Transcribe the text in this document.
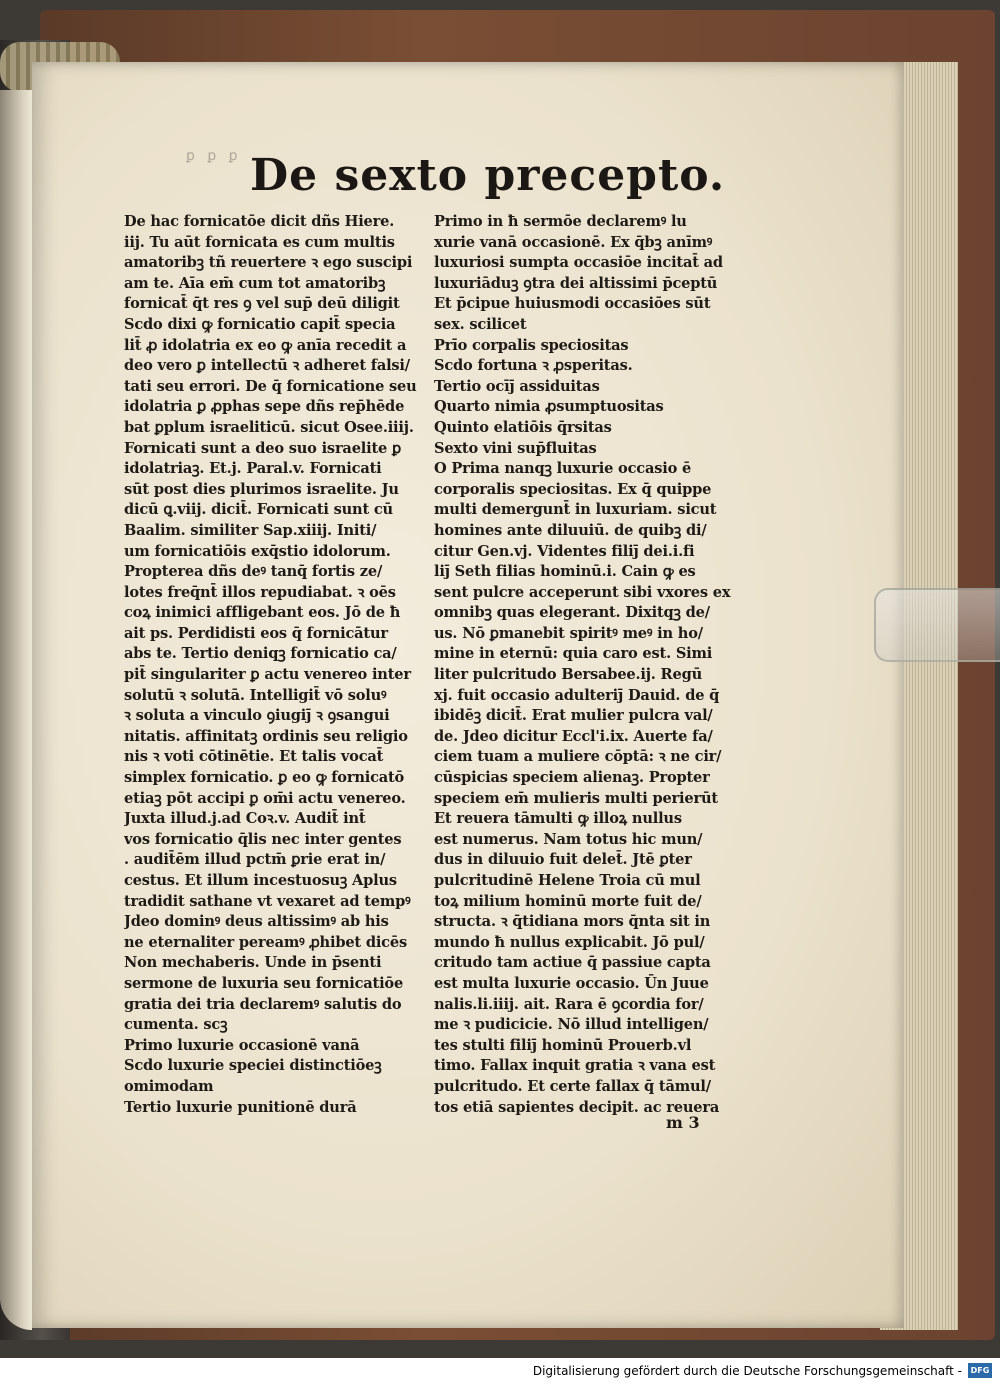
ꝑ ꝑ ꝑ De sexto precepto.
De hac fornicatōe dicit dñs Hiere.
iij. Tu aūt fornicata es cum multis
amatoribꝫ tñ reuertere ꝛ ego suscipi
am te. Aīa em̄ cum tot amatoribꝫ
fornicat̄ q̄t res ꝯ vel sup̄ deū diligit
Scdo dixi ꝙ fornicatio capit̄ specia
lit̄ ꝓ idolatria ex eo ꝙ anīa recedit a
deo vero ꝑ intellectū ꝛ adheret falsi/
tati seu errori. De q̄ fornicatione seu
idolatria ꝑ ꝓphas sepe dñs rep̄hēde
bat ꝑplum israeliticū. sicut Osee.iiij.
Fornicati sunt a deo suo israelite ꝑ
idolatriaꝫ. Et.j. Paral.v. Fornicati
sūt post dies plurimos israelite. Ju
dicū ꝗ.viij. dicit̄. Fornicati sunt cū
Baalim. similiter Sap.xiiij. Initi/
um fornicatiōis exq̄stio idolorum.
Propterea dñs deꝰ tanq̄ fortis ze/
lotes freq̄nt̄ illos repudiabat. ꝛ oēs
coꝝ inimici affligebant eos. Jō de ħ
ait ps. Perdidisti eos q̄ fornicātur
abs te. Tertio deniqꝫ fornicatio ca/
pit̄ singulariter ꝑ actu venereo inter
solutū ꝛ solutā. Intelligit̄ vō soluꝰ
ꝛ soluta a vinculo ꝯiugiȷ̄ ꝛ ꝯsangui
nitatis. affinitatꝫ ordinis seu religio
nis ꝛ voti cōtinētie. Et talis vocat̄
simplex fornicatio. ꝑ eo ꝙ fornicatō
etiaꝫ pōt accipi ꝑ om̄i actu venereo.
Juxta illud.j.ad Coꝛ.v. Audit̄ int̄
vos fornicatio q̄lis nec inter gentes
. audit̄ēm illud pctm̄ ꝑrie erat in/
cestus. Et illum incestuosuꝫ Aplus
tradidit sathane vt vexaret ad tempꝰ
Jdeo dominꝰ deus altissimꝰ ab his
ne eternaliter pereamꝰ ꝓhibet dicēs
Non mechaberis. Unde in p̄senti
sermone de luxuria seu fornicatiōe
gratia dei tria declaremꝰ salutis do
cumenta. scꝫ
Primo luxurie occasionē vanā
Scdo luxurie speciei distinctiōeꝫ
omimodam
Tertio luxurie punitionē durā
Primo in ħ sermōe declaremꝰ lu
xurie vanā occasionē. Ex q̄bꝫ anīmꝰ
luxuriosi sumpta occasiōe incitat̄ ad
luxuriāduꝫ ꝯtra dei altissimi p̄ceptū
Et p̄cipue huiusmodi occasiōes sūt
sex. scilicet
Prīo corpalis speciositas
Scdo fortuna ꝛ ꝓsperitas.
Tertio ocīȷ̄ assiduitas
Quarto nimia ꝓsumptuositas
Quinto elatiōis q̄rsitas
Sexto vini sup̄fluitas
O Prima nanqꝫ luxurie occasio ē
corporalis speciositas. Ex q̄ quippe
multi demergunt̄ in luxuriam. sicut
homines ante diluuiū. de quibꝫ di/
citur Gen.vj. Videntes filiȷ̄ dei.i.fi
liȷ̄ Seth filias hominū.i. Cain ꝙ es
sent pulcre acceperunt sibi vxores ex
omnibꝫ quas elegerant. Dixitqꝫ de/
us. Nō ꝑmanebit spiritꝰ meꝰ in ho/
mine in eternū: quia caro est. Simi
liter pulcritudo Bersabee.ij. Regū
xj. fuit occasio adulteriȷ̄ Dauid. de q̄
ibidēꝫ dicit̄. Erat mulier pulcra val/
de. Jdeo dicitur Eccl'i.ix. Auerte fa/
ciem tuam a muliere cōptā: ꝛ ne cir/
cūspicias speciem alienaꝫ. Propter
speciem em̄ mulieris multi perierūt
Et reuera tāmulti ꝙ illoꝝ nullus
est numerus. Nam totus hic mun/
dus in diluuio fuit delet̄. Jtē ꝑter
pulcritudinē Helene Troia cū mul
toꝝ milium hominū morte fuit de/
structa. ꝛ q̄tidiana mors q̄nta sit in
mundo ħ nullus explicabit. Jō pul/
critudo tam actiue q̄ passiue capta
est multa luxurie occasio. Ūn Juue
nalis.li.iiij. ait. Rara ē ꝯcordia for/
me ꝛ pudicicie. Nō illud intelligen/
tes stulti filiȷ̄ hominū Prouerb.vl
timo. Fallax inquit gratia ꝛ vana est
pulcritudo. Et certe fallax q̄ tāmul/
tos etiā sapientes decipit. ac reuera
m 3
Digitalisierung gefördert durch die Deutsche Forschungsgemeinschaft -	DFG
